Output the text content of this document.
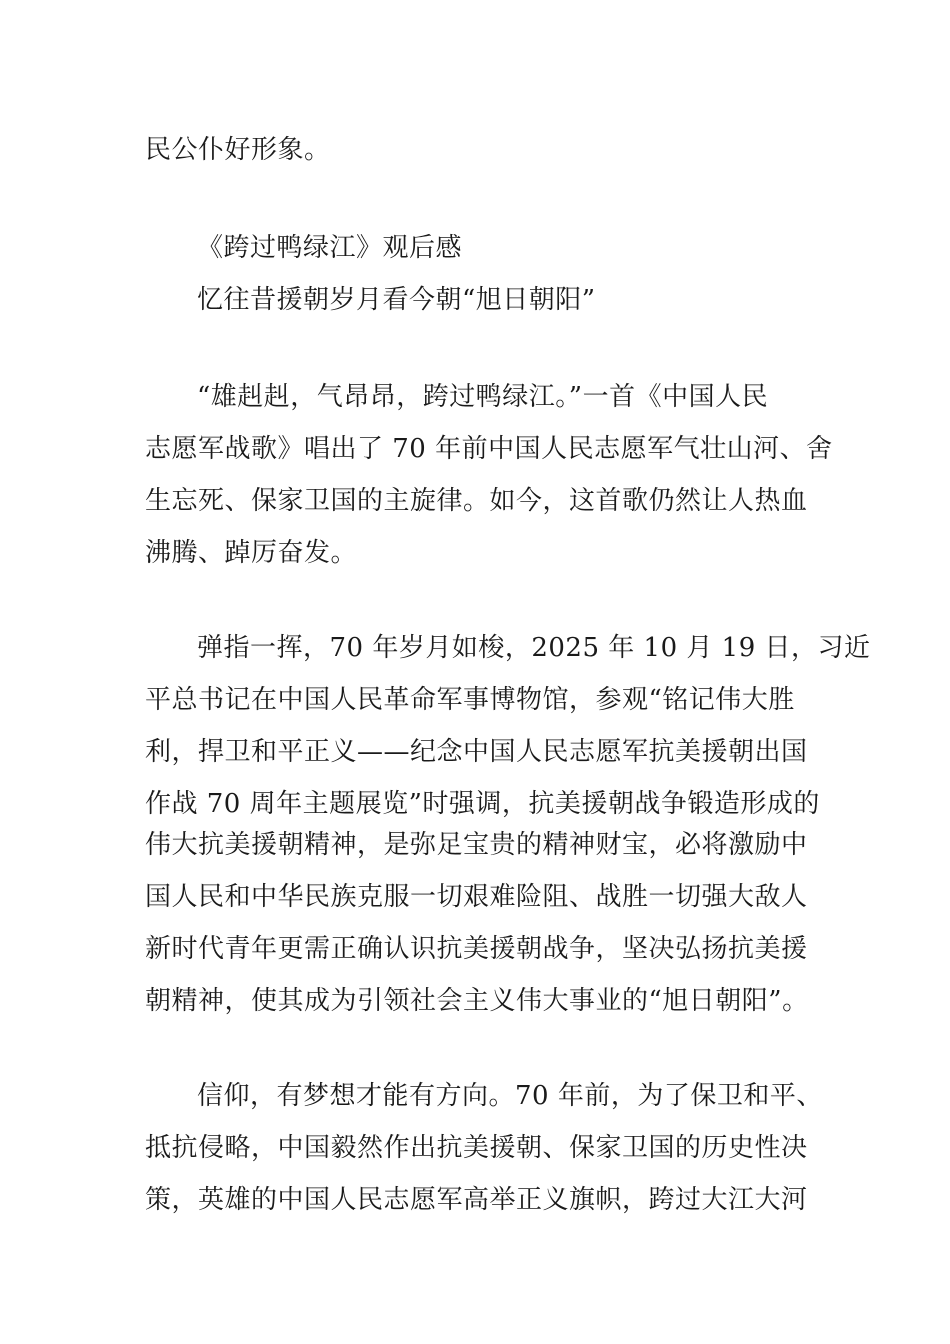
民公仆好形象。
《跨过鸭绿江》观后感
忆往昔援朝岁月看今朝“旭日朝阳”
“雄赳赳，气昂昂，跨过鸭绿江。”一首《中国人民
志愿军战歌》唱出了 70 年前中国人民志愿军气壮山河、舍
生忘死、保家卫国的主旋律。如今，这首歌仍然让人热血
沸腾、踔厉奋发。
弹指一挥，70 年岁月如梭，2025 年 10 月 19 日，习近
平总书记在中国人民革命军事博物馆，参观“铭记伟大胜
利，捍卫和平正义——纪念中国人民志愿军抗美援朝出国
作战 70 周年主题展览”时强调，抗美援朝战争锻造形成的
伟大抗美援朝精神，是弥足宝贵的精神财宝，必将激励中
国人民和中华民族克服一切艰难险阻、战胜一切强大敌人
新时代青年更需正确认识抗美援朝战争，坚决弘扬抗美援
朝精神，使其成为引领社会主义伟大事业的“旭日朝阳”。
信仰，有梦想才能有方向。70 年前，为了保卫和平、
抵抗侵略，中国毅然作出抗美援朝、保家卫国的历史性决
策，英雄的中国人民志愿军高举正义旗帜，跨过大江大河
